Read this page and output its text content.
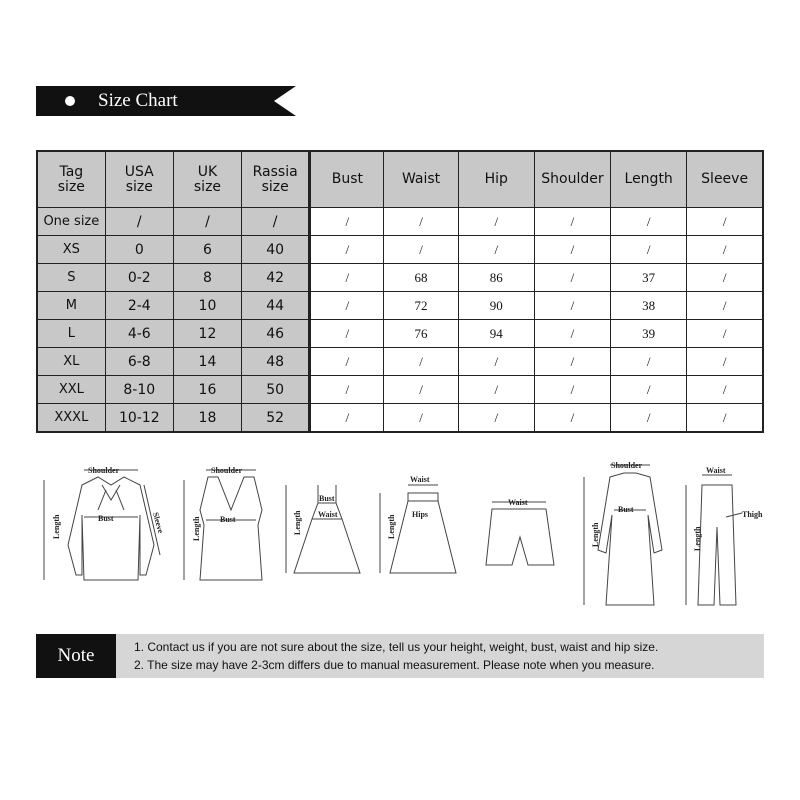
Size Chart
Tag size	USA size	UK size	Rassia size	Bust	Waist	Hip	Shoulder	Length	Sleeve
One size	/	/	/	/	/	/	/	/	/
XS	0	6	40	/	/	/	/	/	/
S	0-2	8	42	/	68	86	/	37	/
M	2-4	10	44	/	72	90	/	38	/
L	4-6	12	46	/	76	94	/	39	/
XL	6-8	14	48	/	/	/	/	/	/
XXL	8-10	16	50	/	/	/	/	/	/
XXXL	10-12	18	52	/	/	/	/	/	/
Shoulder
Bust
Length	Sleeve
Shoulder
Bust
Length
Waist
Bust
Length
Waist
Hips
Length
Waist
Shoulder
Bust
Length
Waist
Thigh
Length
Note	1. Contact us if you are not sure about the size, tell us your height, weight, bust, waist and hip size.
2. The size may have 2-3cm differs due to manual measurement. Please note when you measure.
